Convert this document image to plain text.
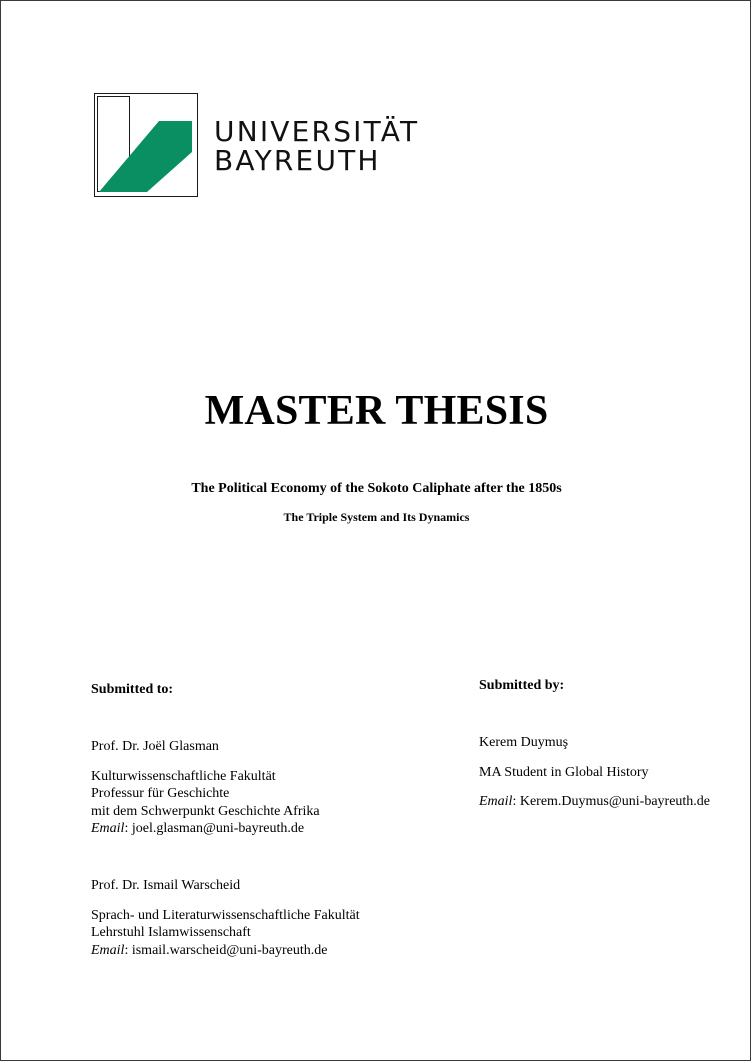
UNIVERSITÄT
BAYREUTH
MASTER THESIS
The Political Economy of the Sokoto Caliphate after the 1850s
The Triple System and Its Dynamics
Submitted to:
Prof. Dr. Joël Glasman
Kulturwissenschaftliche Fakultät
Professur für Geschichte
mit dem Schwerpunkt Geschichte Afrika
Email: joel.glasman@uni-bayreuth.de
Prof. Dr. Ismail Warscheid
Sprach- und Literaturwissenschaftliche Fakultät
Lehrstuhl Islamwissenschaft
Email: ismail.warscheid@uni-bayreuth.de
Submitted by:
Kerem Duymuş
MA Student in Global History
Email: Kerem.Duymus@uni-bayreuth.de
